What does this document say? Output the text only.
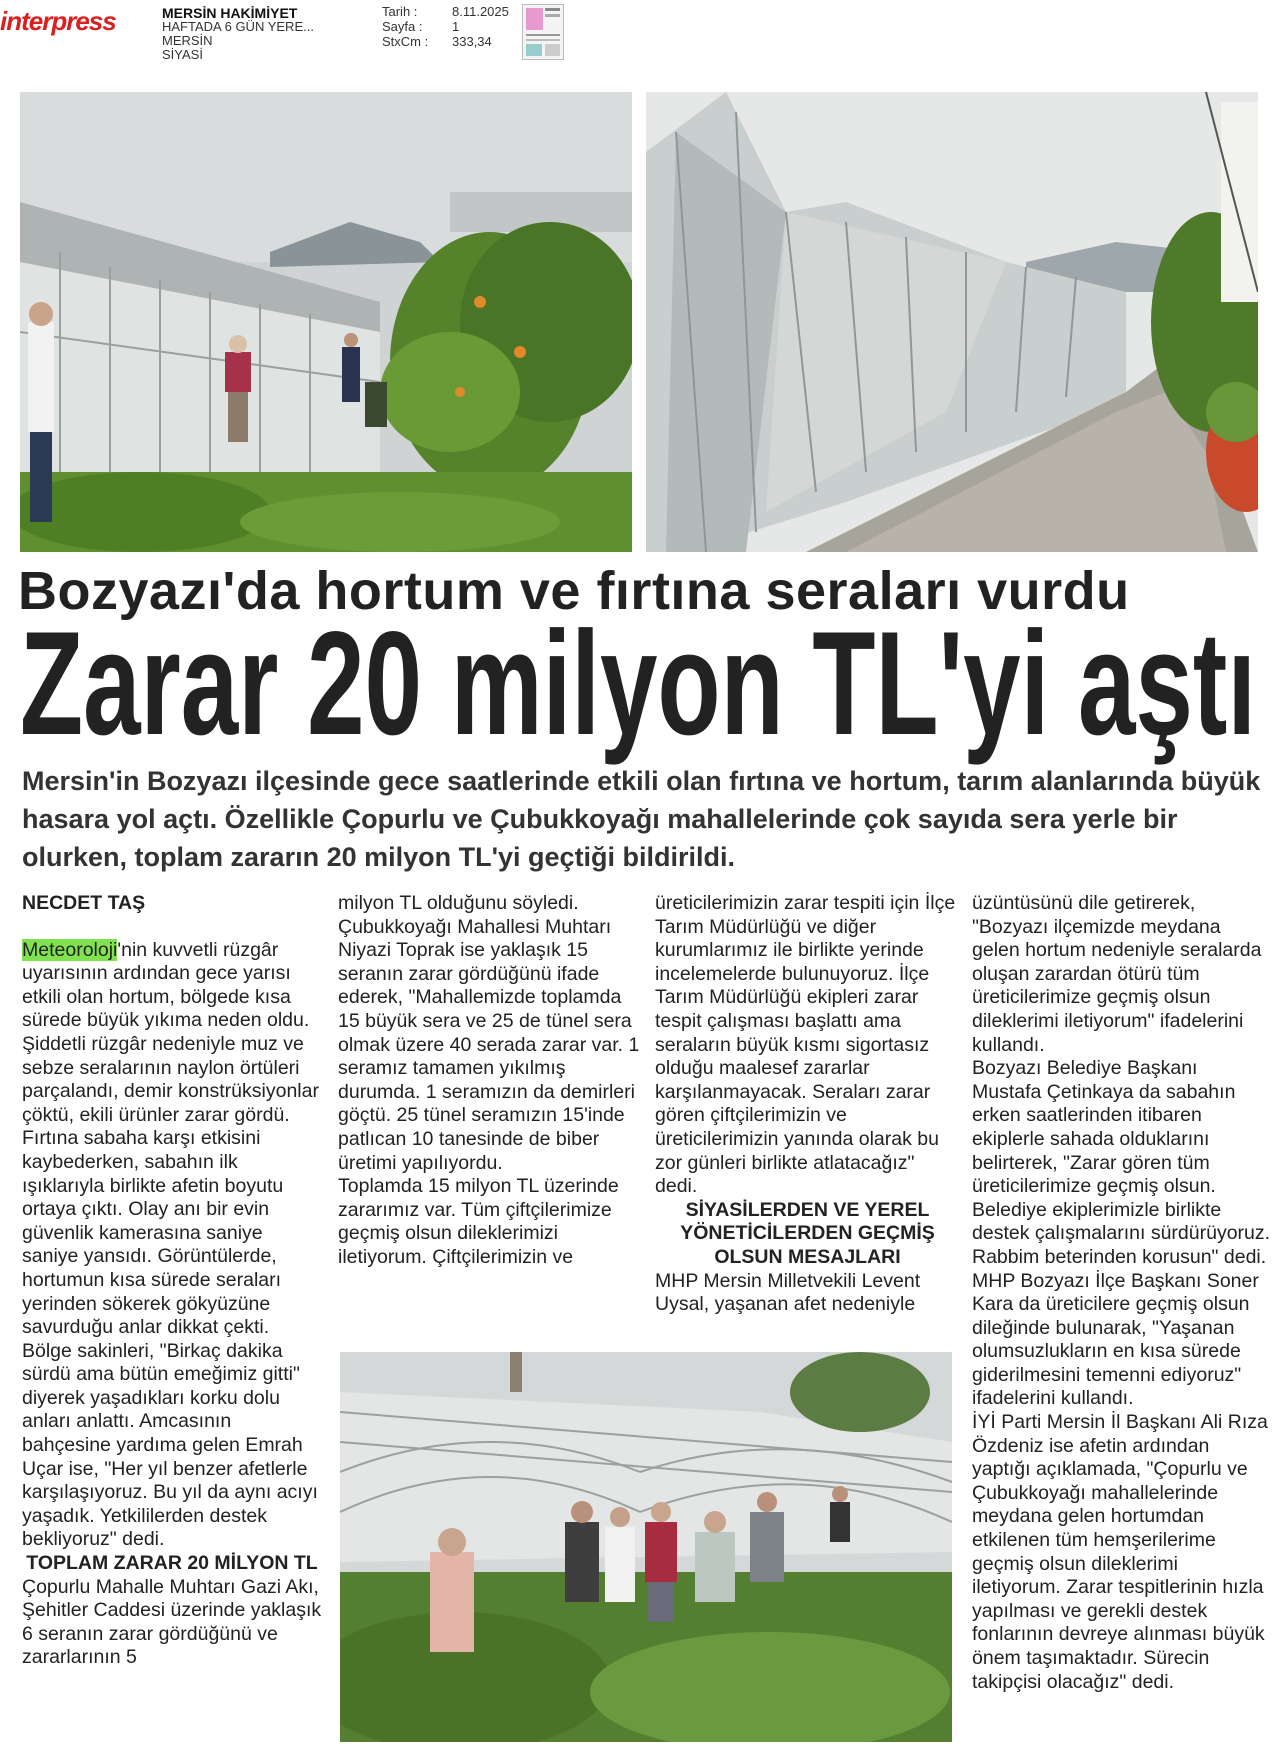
interpress	MERSİN HAKİMİYET
HAFTADA 6 GÜN YERE...
MERSİN
SİYASİ
Tarih :	8.11.2025
Sayfa :	1
StxCm :	333,34
Bozyazı'da hortum ve fırtına seraları vurdu
Zarar 20 milyon TL'yi aştı
Mersin'in Bozyazı ilçesinde gece saatlerinde etkili olan fırtına ve hortum, tarım alanlarında büyük hasara yol açtı. Özellikle Çopurlu ve Çubukkoyağı mahallelerinde çok sayıda sera yerle bir olurken, toplam zararın 20 milyon TL'yi geçtiği bildirildi.

NECDET TAŞ

Meteoroloji'nin kuvvetli rüzgâr uyarısının ardından gece yarısı etkili olan hortum, bölgede kısa sürede büyük yıkıma neden oldu. Şiddetli rüzgâr nedeniyle muz ve sebze seralarının naylon örtüleri parçalandı, demir konstrüksiyonlar çöktü, ekili ürünler zarar gördü. Fırtına sabaha karşı etkisini kaybederken, sabahın ilk ışıklarıyla birlikte afetin boyutu ortaya çıktı. Olay anı bir evin güvenlik kamerasına saniye saniye yansıdı. Görüntülerde, hortumun kısa sürede seraları yerinden sökerek gökyüzüne savurduğu anlar dikkat çekti. Bölge sakinleri, "Birkaç dakika sürdü ama bütün emeğimiz gitti" diyerek yaşadıkları korku dolu anları anlattı. Amcasının bahçesine yardıma gelen Emrah Uçar ise, "Her yıl benzer afetlerle karşılaşıyoruz. Bu yıl da aynı acıyı yaşadık. Yetkililerden destek bekliyoruz" dedi.

TOPLAM ZARAR 20 MİLYON TL

Çopurlu Mahalle Muhtarı Gazi Akı, Şehitler Caddesi üzerinde yaklaşık 6 seranın zarar gördüğünü ve zararlarının 5

milyon TL olduğunu söyledi. Çubukkoyağı Mahallesi Muhtarı Niyazi Toprak ise yaklaşık 15 seranın zarar gördüğünü ifade ederek, "Mahallemizde toplamda 15 büyük sera ve 25 de tünel sera olmak üzere 40 serada zarar var. 1 seramız tamamen yıkılmış durumda. 1 seramızın da demirleri göçtü. 25 tünel seramızın 15'inde patlıcan 10 tanesinde de biber üretimi yapılıyordu.

Toplamda 15 milyon TL üzerinde zararımız var. Tüm çiftçilerimize geçmiş olsun dileklerimizi iletiyorum. Çiftçilerimizin ve

üreticilerimizin zarar tespiti için İlçe Tarım Müdürlüğü ve diğer kurumlarımız ile birlikte yerinde incelemelerde bulunuyoruz. İlçe Tarım Müdürlüğü ekipleri zarar tespit çalışması başlattı ama seraların büyük kısmı sigortasız olduğu maalesef zararlar karşılanmayacak. Seraları zarar gören çiftçilerimizin ve üreticilerimizin yanında olarak bu zor günleri birlikte atlatacağız" dedi.

SİYASİLERDEN VE YEREL YÖNETİCİLERDEN GEÇMİŞ OLSUN MESAJLARI

MHP Mersin Milletvekili Levent Uysal, yaşanan afet nedeniyle

üzüntüsünü dile getirerek, "Bozyazı ilçemizde meydana gelen hortum nedeniyle seralarda oluşan zarardan ötürü tüm üreticilerimize geçmiş olsun dileklerimi iletiyorum" ifadelerini kullandı.

Bozyazı Belediye Başkanı Mustafa Çetinkaya da sabahın erken saatlerinden itibaren ekiplerle sahada olduklarını belirterek, "Zarar gören tüm üreticilerimize geçmiş olsun. Belediye ekiplerimizle birlikte destek çalışmalarını sürdürüyoruz. Rabbim beterinden korusun" dedi.

MHP Bozyazı İlçe Başkanı Soner Kara da üreticilere geçmiş olsun dileğinde bulunarak, "Yaşanan olumsuzlukların en kısa sürede giderilmesini temenni ediyoruz" ifadelerini kullandı.

İYİ Parti Mersin İl Başkanı Ali Rıza Özdeniz ise afetin ardından yaptığı açıklamada, "Çopurlu ve Çubukkoyağı mahallelerinde meydana gelen hortumdan etkilenen tüm hemşerilerime geçmiş olsun dileklerimi iletiyorum. Zarar tespitlerinin hızla yapılması ve gerekli destek fonlarının devreye alınması büyük önem taşımaktadır. Sürecin takipçisi olacağız" dedi.
